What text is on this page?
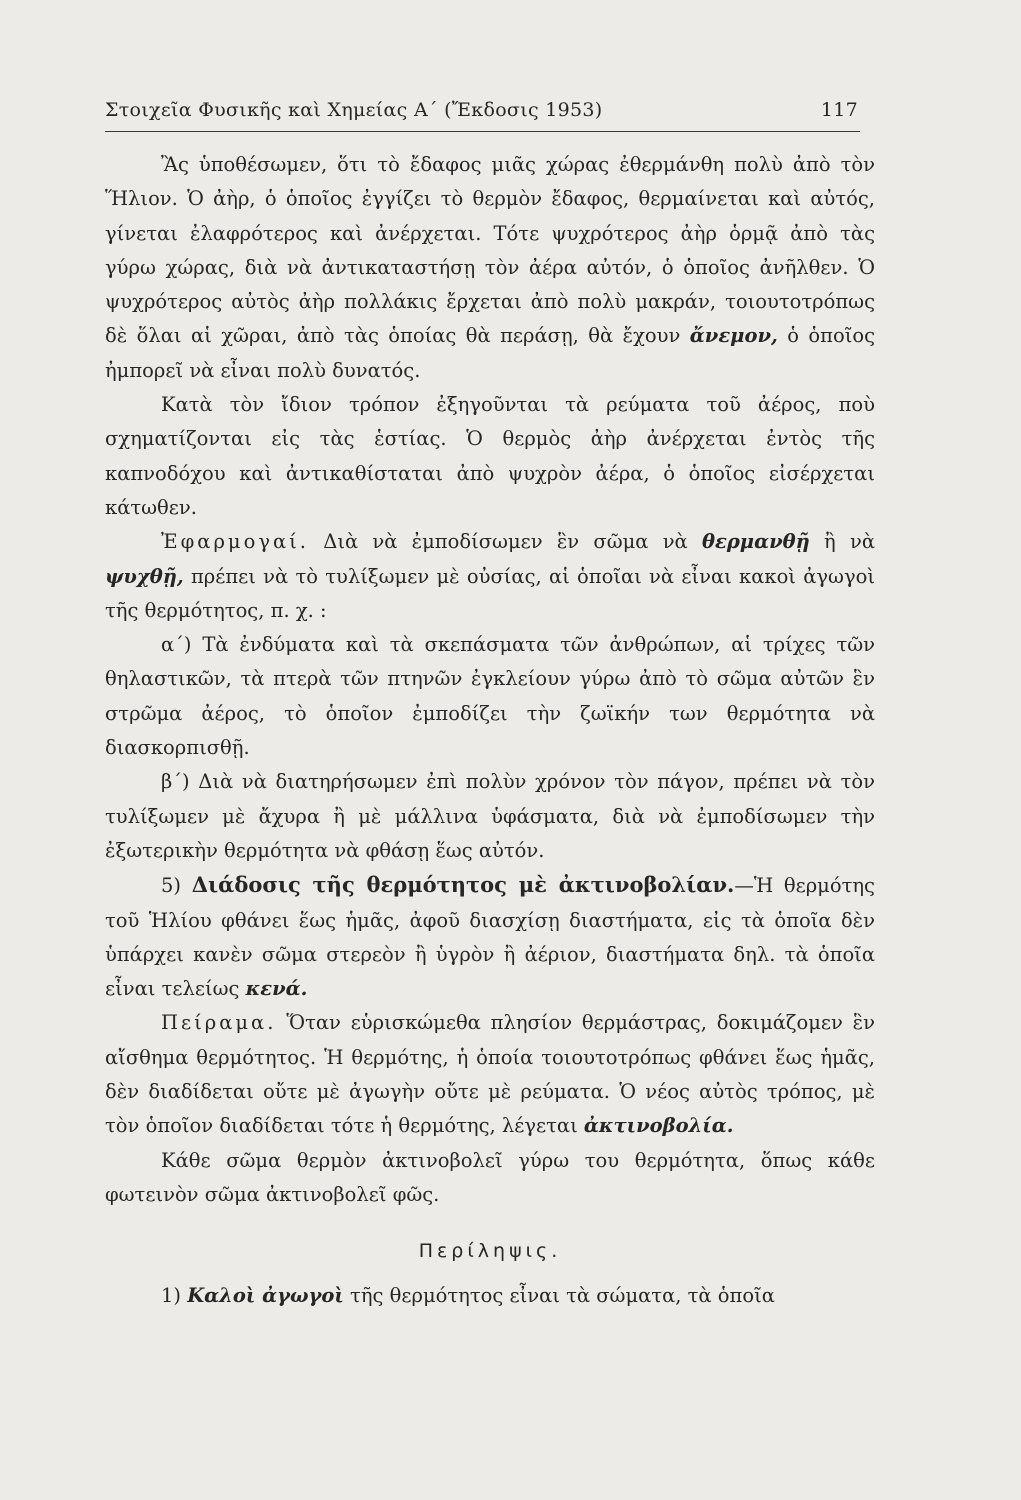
Στοιχεῖα Φυσικῆς καὶ Χημείας Α΄ (Ἔκδοσις 1953)	117

Ἂς ὑποθέσωμεν, ὅτι τὸ ἔδαφος μιᾶς χώρας ἐθερμάνθη πολὺ ἀπὸ τὸν Ἥλιον. Ὁ ἀὴρ, ὁ ὁποῖος ἐγγίζει τὸ θερμὸν ἔδαφος, θερμαίνεται καὶ αὐτός, γίνεται ἐλαφρότερος καὶ ἀνέρχεται. Τότε ψυχρότερος ἀὴρ ὁρμᾷ ἀπὸ τὰς γύρω χώρας, διὰ νὰ ἀντικαταστήσῃ τὸν ἀέρα αὐτόν, ὁ ὁποῖος ἀνῆλθεν. Ὁ ψυχρότερος αὐτὸς ἀὴρ πολλάκις ἔρχεται ἀπὸ πολὺ μακράν, τοιουτοτρόπως δὲ ὅλαι αἱ χῶραι, ἀπὸ τὰς ὁποίας θὰ περάσῃ, θὰ ἔχουν ἄνεμον, ὁ ὁποῖος ἠμπορεῖ νὰ εἶναι πολὺ δυνατός.

Κατὰ τὸν ἴδιον τρόπον ἐξηγοῦνται τὰ ρεύματα τοῦ ἀέρος, ποὺ σχηματίζονται εἰς τὰς ἑστίας. Ὁ θερμὸς ἀὴρ ἀνέρχεται ἐντὸς τῆς καπνοδόχου καὶ ἀντικαθίσταται ἀπὸ ψυχρὸν ἀέρα, ὁ ὁποῖος εἰσέρχεται κάτωθεν.

Ἐφαρμογαί. Διὰ νὰ ἐμποδίσωμεν ἓν σῶμα νὰ θερμανθῇ ἢ νὰ ψυχθῇ, πρέπει νὰ τὸ τυλίξωμεν μὲ οὐσίας, αἱ ὁποῖαι νὰ εἶναι κακοὶ ἀγωγοὶ τῆς θερμότητος, π. χ. :

α΄) Τὰ ἐνδύματα καὶ τὰ σκεπάσματα τῶν ἀνθρώπων, αἱ τρίχες τῶν θηλαστικῶν, τὰ πτερὰ τῶν πτηνῶν ἐγκλείουν γύρω ἀπὸ τὸ σῶμα αὐτῶν ἓν στρῶμα ἀέρος, τὸ ὁποῖον ἐμποδίζει τὴν ζωϊκήν των θερμότητα νὰ διασκορπισθῇ.

β΄) Διὰ νὰ διατηρήσωμεν ἐπὶ πολὺν χρόνον τὸν πάγον, πρέπει νὰ τὸν τυλίξωμεν μὲ ἄχυρα ἢ μὲ μάλλινα ὑφάσματα, διὰ νὰ ἐμποδίσωμεν τὴν ἐξωτερικὴν θερμότητα νὰ φθάσῃ ἕως αὐτόν.

5) Διάδοσις τῆς θερμότητος μὲ ἀκτινοβολίαν.—Ἡ θερμότης τοῦ Ἡλίου φθάνει ἕως ἡμᾶς, ἀφοῦ διασχίσῃ διαστήματα, εἰς τὰ ὁποῖα δὲν ὑπάρχει κανὲν σῶμα στερεὸν ἢ ὑγρὸν ἢ ἀέριον, διαστήματα δηλ. τὰ ὁποῖα εἶναι τελείως κενά.

Πείραμα. Ὅταν εὑρισκώμεθα πλησίον θερμάστρας, δοκιμάζομεν ἓν αἴσθημα θερμότητος. Ἡ θερμότης, ἡ ὁποία τοιουτοτρόπως φθάνει ἕως ἡμᾶς, δὲν διαδίδεται οὔτε μὲ ἀγωγὴν οὔτε μὲ ρεύματα. Ὁ νέος αὐτὸς τρόπος, μὲ τὸν ὁποῖον διαδίδεται τότε ἡ θερμότης, λέγεται ἀκτινοβολία.

Κάθε σῶμα θερμὸν ἀκτινοβολεῖ γύρω του θερμότητα, ὅπως κάθε φωτεινὸν σῶμα ἀκτινοβολεῖ φῶς.

Περίληψις.

1) Καλοὶ ἀγωγοὶ τῆς θερμότητος εἶναι τὰ σώματα, τὰ ὁποῖα
